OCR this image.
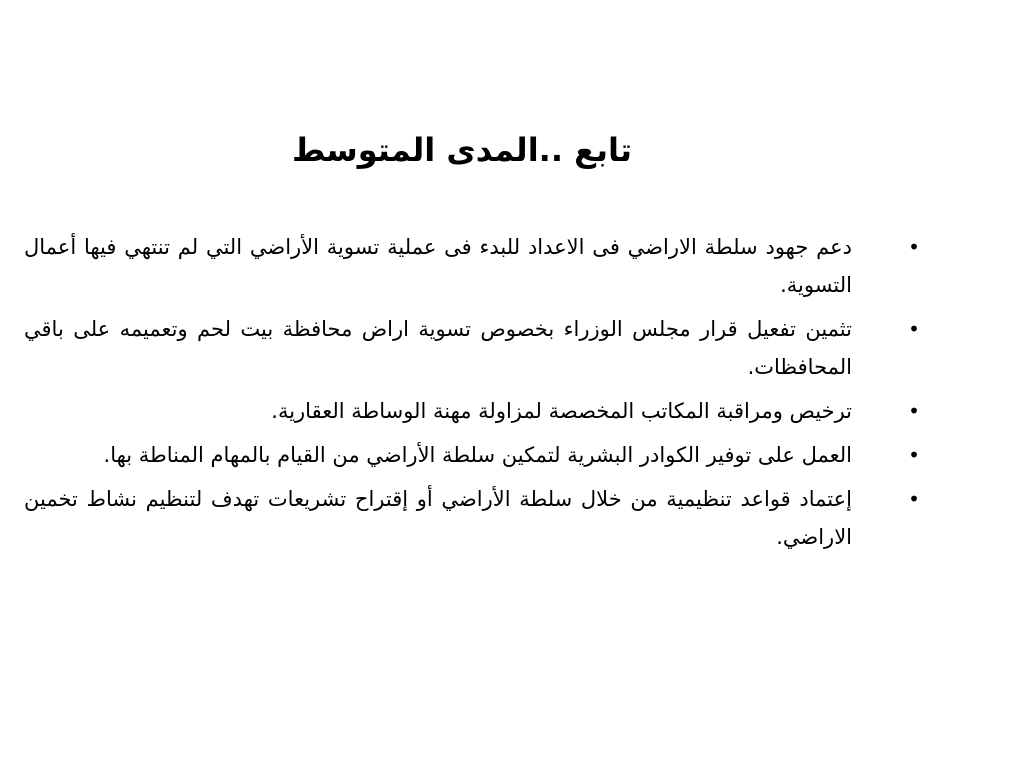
تابع ..المدى المتوسط
•
دعم جهود سلطة الاراضي فى الاعداد للبدء فى عملية تسوية الأراضي التي لم تنتهي فيها أعمال التسوية.
•
تثمين تفعيل قرار مجلس الوزراء بخصوص تسوية اراض محافظة بيت لحم وتعميمه على باقي المحافظات.
•
ترخيص ومراقبة المكاتب المخصصة لمزاولة مهنة الوساطة العقارية.
•
العمل على توفير الكوادر البشرية لتمكين سلطة الأراضي من القيام بالمهام المناطة بها.
•
إعتماد قواعد تنظيمية من خلال سلطة الأراضي أو إقتراح تشريعات تهدف لتنظيم نشاط تخمين الاراضي.
